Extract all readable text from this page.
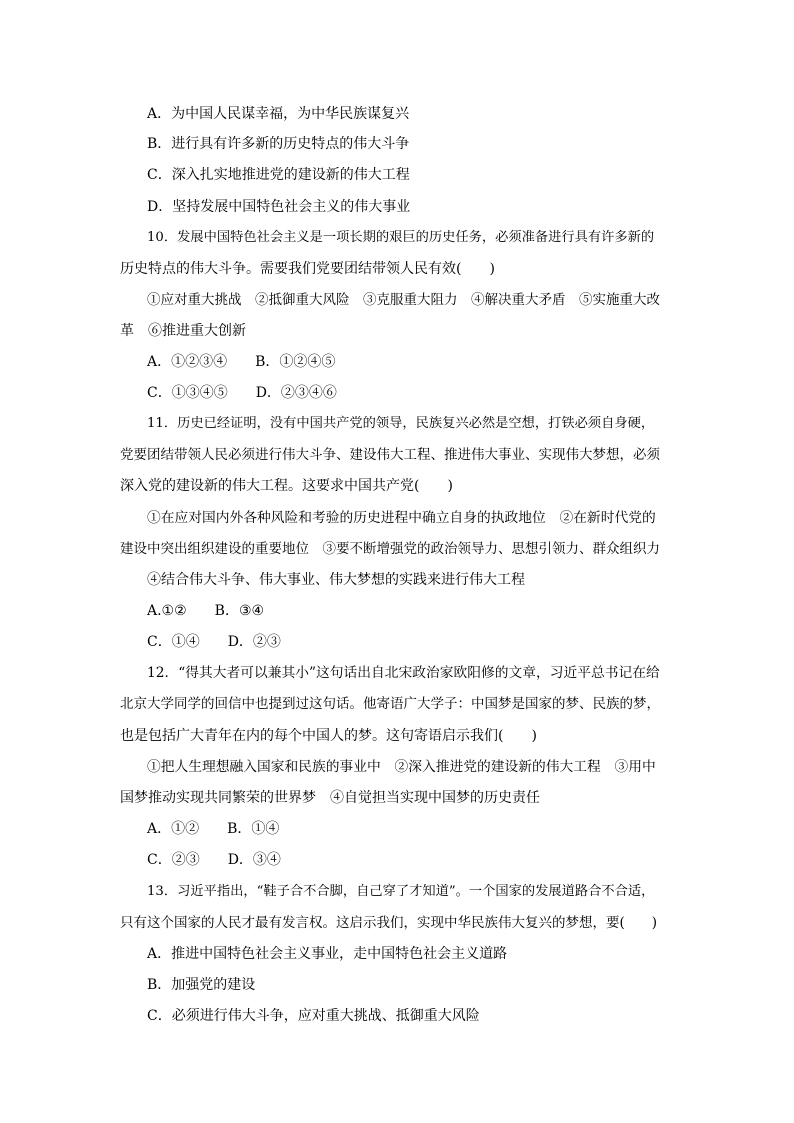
A．为中国人民谋幸福，为中华民族谋复兴
B．进行具有许多新的历史特点的伟大斗争
C．深入扎实地推进党的建设新的伟大工程
D．坚持发展中国特色社会主义的伟大事业
10．发展中国特色社会主义是一项长期的艰巨的历史任务，必须准备进行具有许多新的
历史特点的伟大斗争。需要我们党要团结带领人民有效(　　)
①应对重大挑战　②抵御重大风险　③克服重大阻力　④解决重大矛盾　⑤实施重大改
革　⑥推进重大创新
A．①②③④　　B．①②④⑤
C．①③④⑤　　D．②③④⑥
11．历史已经证明，没有中国共产党的领导，民族复兴必然是空想，打铁必须自身硬，
党要团结带领人民必须进行伟大斗争、建设伟大工程、推进伟大事业、实现伟大梦想，必须
深入党的建设新的伟大工程。这要求中国共产党(　　)
①在应对国内外各种风险和考验的历史进程中确立自身的执政地位　②在新时代党的
建设中突出组织建设的重要地位　③要不断增强党的政治领导力、思想引领力、群众组织力
④结合伟大斗争、伟大事业、伟大梦想的实践来进行伟大工程
A.①②　　B．③④
C．①④　　D．②③
12．“得其大者可以兼其小”这句话出自北宋政治家欧阳修的文章，习近平总书记在给
北京大学同学的回信中也提到过这句话。他寄语广大学子：中国梦是国家的梦、民族的梦，
也是包括广大青年在内的每个中国人的梦。这句寄语启示我们(　　)
①把人生理想融入国家和民族的事业中　②深入推进党的建设新的伟大工程　③用中
国梦推动实现共同繁荣的世界梦　④自觉担当实现中国梦的历史责任
A．①②　　B．①④
C．②③　　D．③④
13．习近平指出，“鞋子合不合脚，自己穿了才知道”。一个国家的发展道路合不合适，
只有这个国家的人民才最有发言权。这启示我们，实现中华民族伟大复兴的梦想，要(　　)
A．推进中国特色社会主义事业，走中国特色社会主义道路
B．加强党的建设
C．必须进行伟大斗争，应对重大挑战、抵御重大风险
